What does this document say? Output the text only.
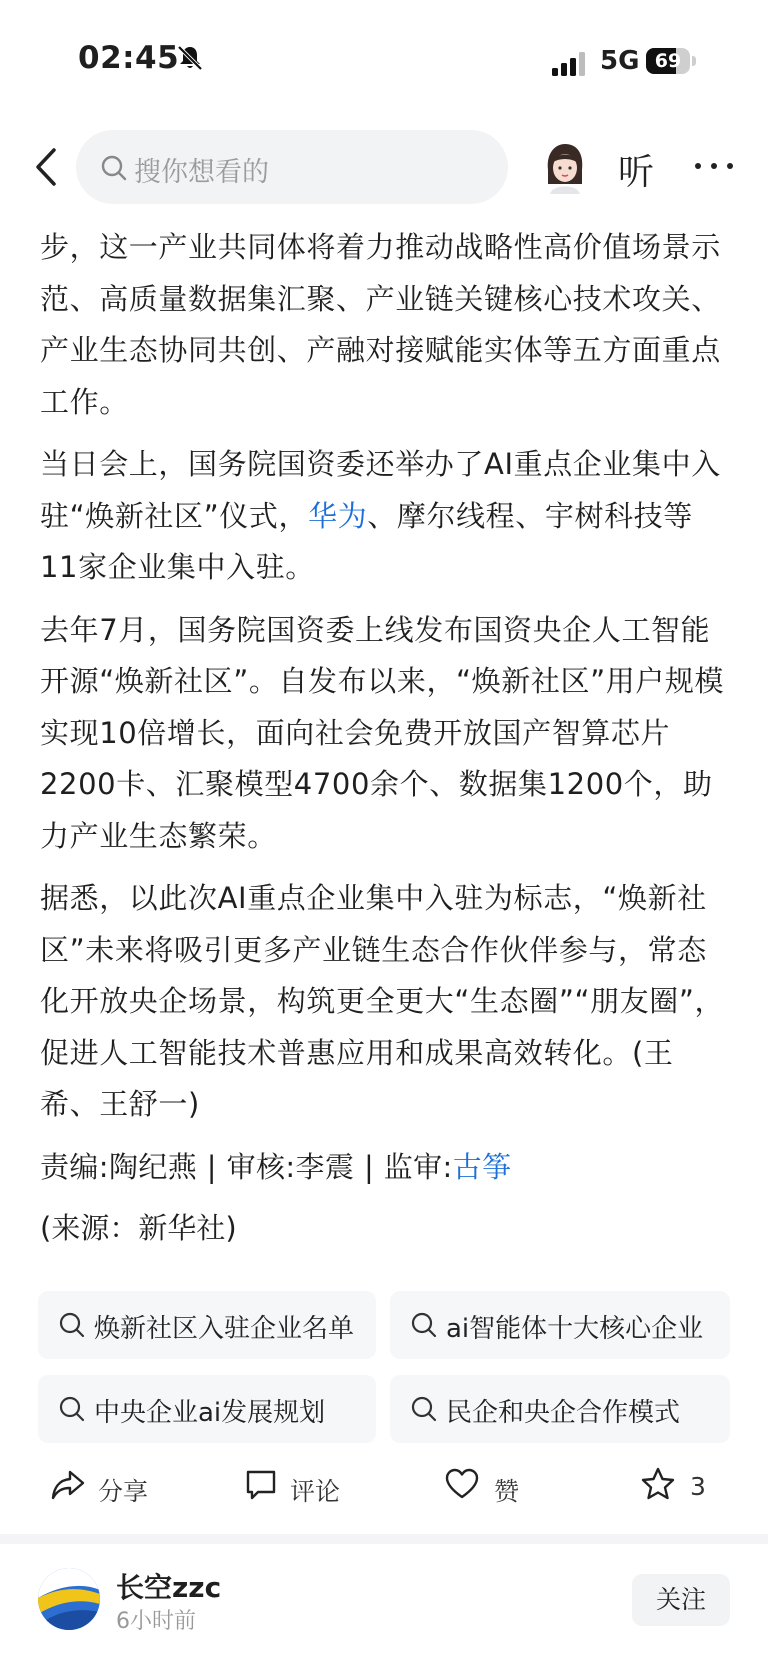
02:45	5G 69
搜你想看的	听

步，这一产业共同体将着力推动战略性高价值场景示范、高质量数据集汇聚、产业链关键核心技术攻关、产业生态协同共创、产融对接赋能实体等五方面重点工作。

当日会上，国务院国资委还举办了AI重点企业集中入驻“焕新社区”仪式，华为、摩尔线程、宇树科技等11家企业集中入驻。

去年7月，国务院国资委上线发布国资央企人工智能开源“焕新社区”。自发布以来，“焕新社区”用户规模实现10倍增长，面向社会免费开放国产智算芯片2200卡、汇聚模型4700余个、数据集1200个，助力产业生态繁荣。

据悉，以此次AI重点企业集中入驻为标志，“焕新社区”未来将吸引更多产业链生态合作伙伴参与，常态化开放央企场景，构筑更全更大“生态圈”“朋友圈”，促进人工智能技术普惠应用和成果高效转化。(王希、王舒一)

责编:陶纪燕 | 审核:李震 | 监审:古筝

(来源：新华社)

焕新社区入驻企业名单	ai智能体十大核心企业
中央企业ai发展规划	民企和央企合作模式
分享	评论	赞	3
长空zzc
6小时前
关注
